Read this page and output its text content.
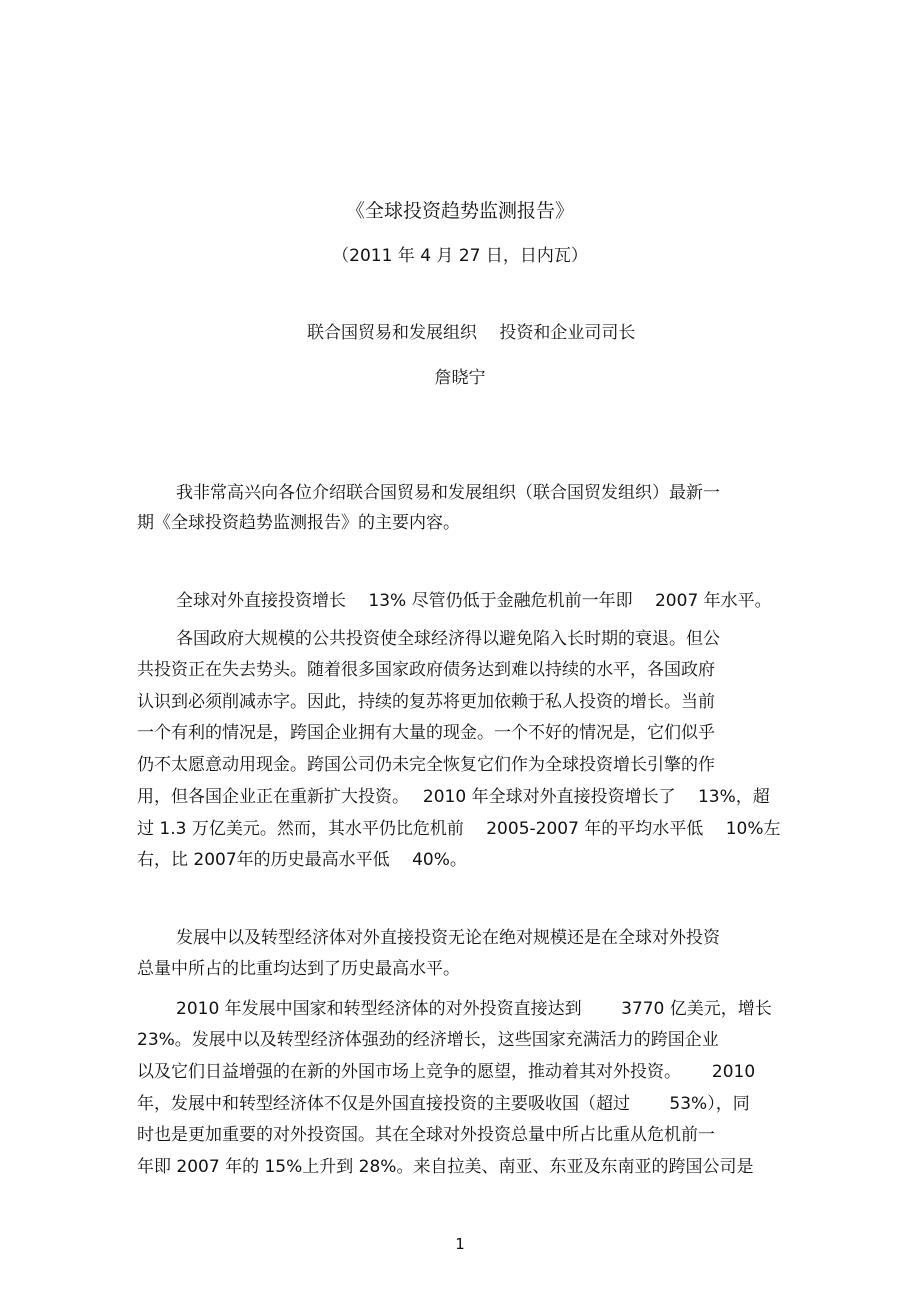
《全球投资趋势监测报告》
（2011 年 4 月 27 日，日内瓦）
联合国贸易和发展组织　 投资和企业司司长
詹晓宁
我非常高兴向各位介绍联合国贸易和发展组织（联合国贸发组织）最新一
期《全球投资趋势监测报告》的主要内容。
全球对外直接投资增长　 13% 尽管仍低于金融危机前一年即　 2007 年水平。
各国政府大规模的公共投资使全球经济得以避免陷入长时期的衰退。但公
共投资正在失去势头。随着很多国家政府债务达到难以持续的水平，各国政府
认识到必须削减赤字。因此，持续的复苏将更加依赖于私人投资的增长。当前
一个有利的情况是，跨国企业拥有大量的现金。一个不好的情况是，它们似乎
仍不太愿意动用现金。跨国公司仍未完全恢复它们作为全球投资增长引擎的作
用，但各国企业正在重新扩大投资。　 2010 年全球对外直接投资增长了　 13%，超
过 1.3 万亿美元。然而，其水平仍比危机前　 2005-2007 年的平均水平低　 10%左
右，比 2007年的历史最高水平低　 40%。
发展中以及转型经济体对外直接投资无论在绝对规模还是在全球对外投资
总量中所占的比重均达到了历史最高水平。
2010 年发展中国家和转型经济体的对外投资直接达到　　 3770 亿美元，增长
23%。发展中以及转型经济体强劲的经济增长，这些国家充满活力的跨国企业
以及它们日益增强的在新的外国市场上竞争的愿望，推动着其对外投资。　　 2010
年，发展中和转型经济体不仅是外国直接投资的主要吸收国（超过　　 53%），同
时也是更加重要的对外投资国。其在全球对外投资总量中所占比重从危机前一
年即 2007 年的 15%上升到 28%。来自拉美、南亚、东亚及东南亚的跨国公司是
1
